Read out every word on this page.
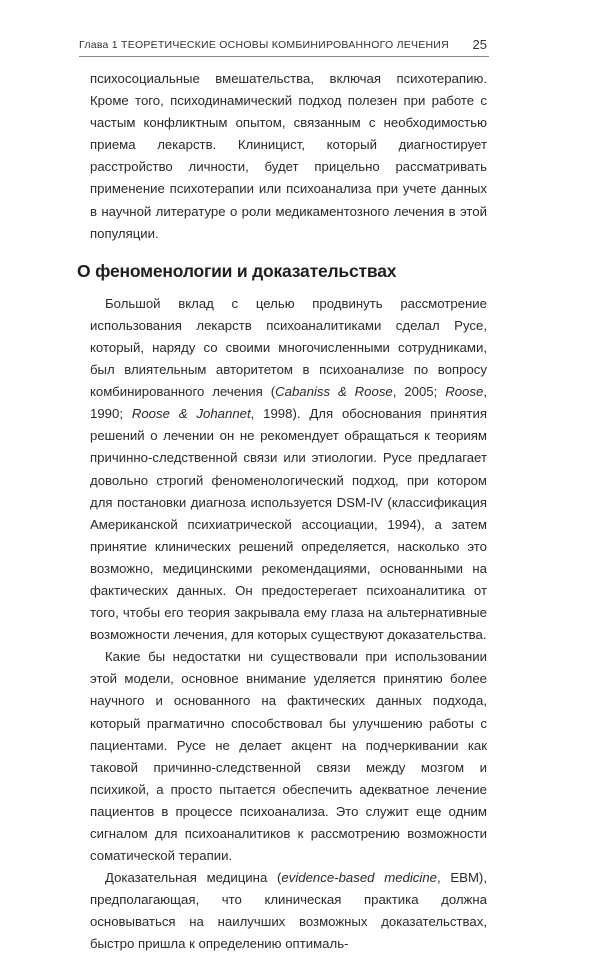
Глава 1 ТЕОРЕТИЧЕСКИЕ ОСНОВЫ КОМБИНИРОВАННОГО ЛЕЧЕНИЯ 25

психосоциальные вмешательства, включая психотерапию. Кроме того, психодинамический подход полезен при работе с частым конфликтным опытом, связанным с необходимостью приема лекарств. Клиницист, который диагностирует расстройство личности, будет прицельно рассматривать применение психотерапии или психоанализа при учете данных в научной литературе о роли медикаментозного лечения в этой популяции.

О феноменологии и доказательствах

Большой вклад с целью продвинуть рассмотрение использования лекарств психоаналитиками сделал Русе, который, наряду со своими многочисленными сотрудниками, был влиятельным авторитетом в психоанализе по вопросу комбинированного лечения (Cabaniss & Roose, 2005; Roose, 1990; Roose & Johannet, 1998). Для обоснования принятия решений о лечении он не рекомендует обращаться к теориям причинно-следственной связи или этиологии. Русе предлагает довольно строгий феноменологический подход, при котором для постановки диагноза используется DSM-IV (классификация Американской психиатрической ассоциации, 1994), а затем принятие клинических решений определяется, насколько это возможно, медицинскими рекомендациями, основанными на фактических данных. Он предостерегает психоаналитика от того, чтобы его теория закрывала ему глаза на альтернативные возможности лечения, для которых существуют доказательства.

Какие бы недостатки ни существовали при использовании этой модели, основное внимание уделяется принятию более научного и основанного на фактических данных подхода, который прагматично способствовал бы улучшению работы с пациентами. Русе не делает акцент на подчеркивании как таковой причинно-следственной связи между мозгом и психикой, а просто пытается обеспечить адекватное лечение пациентов в процессе психоанализа. Это служит еще одним сигналом для психоаналитиков к рассмотрению возможности соматической терапии.

Доказательная медицина (evidence-based medicine, EBM), предполагающая, что клиническая практика должна основываться на наилучших возможных доказательствах, быстро пришла к определению оптималь-
